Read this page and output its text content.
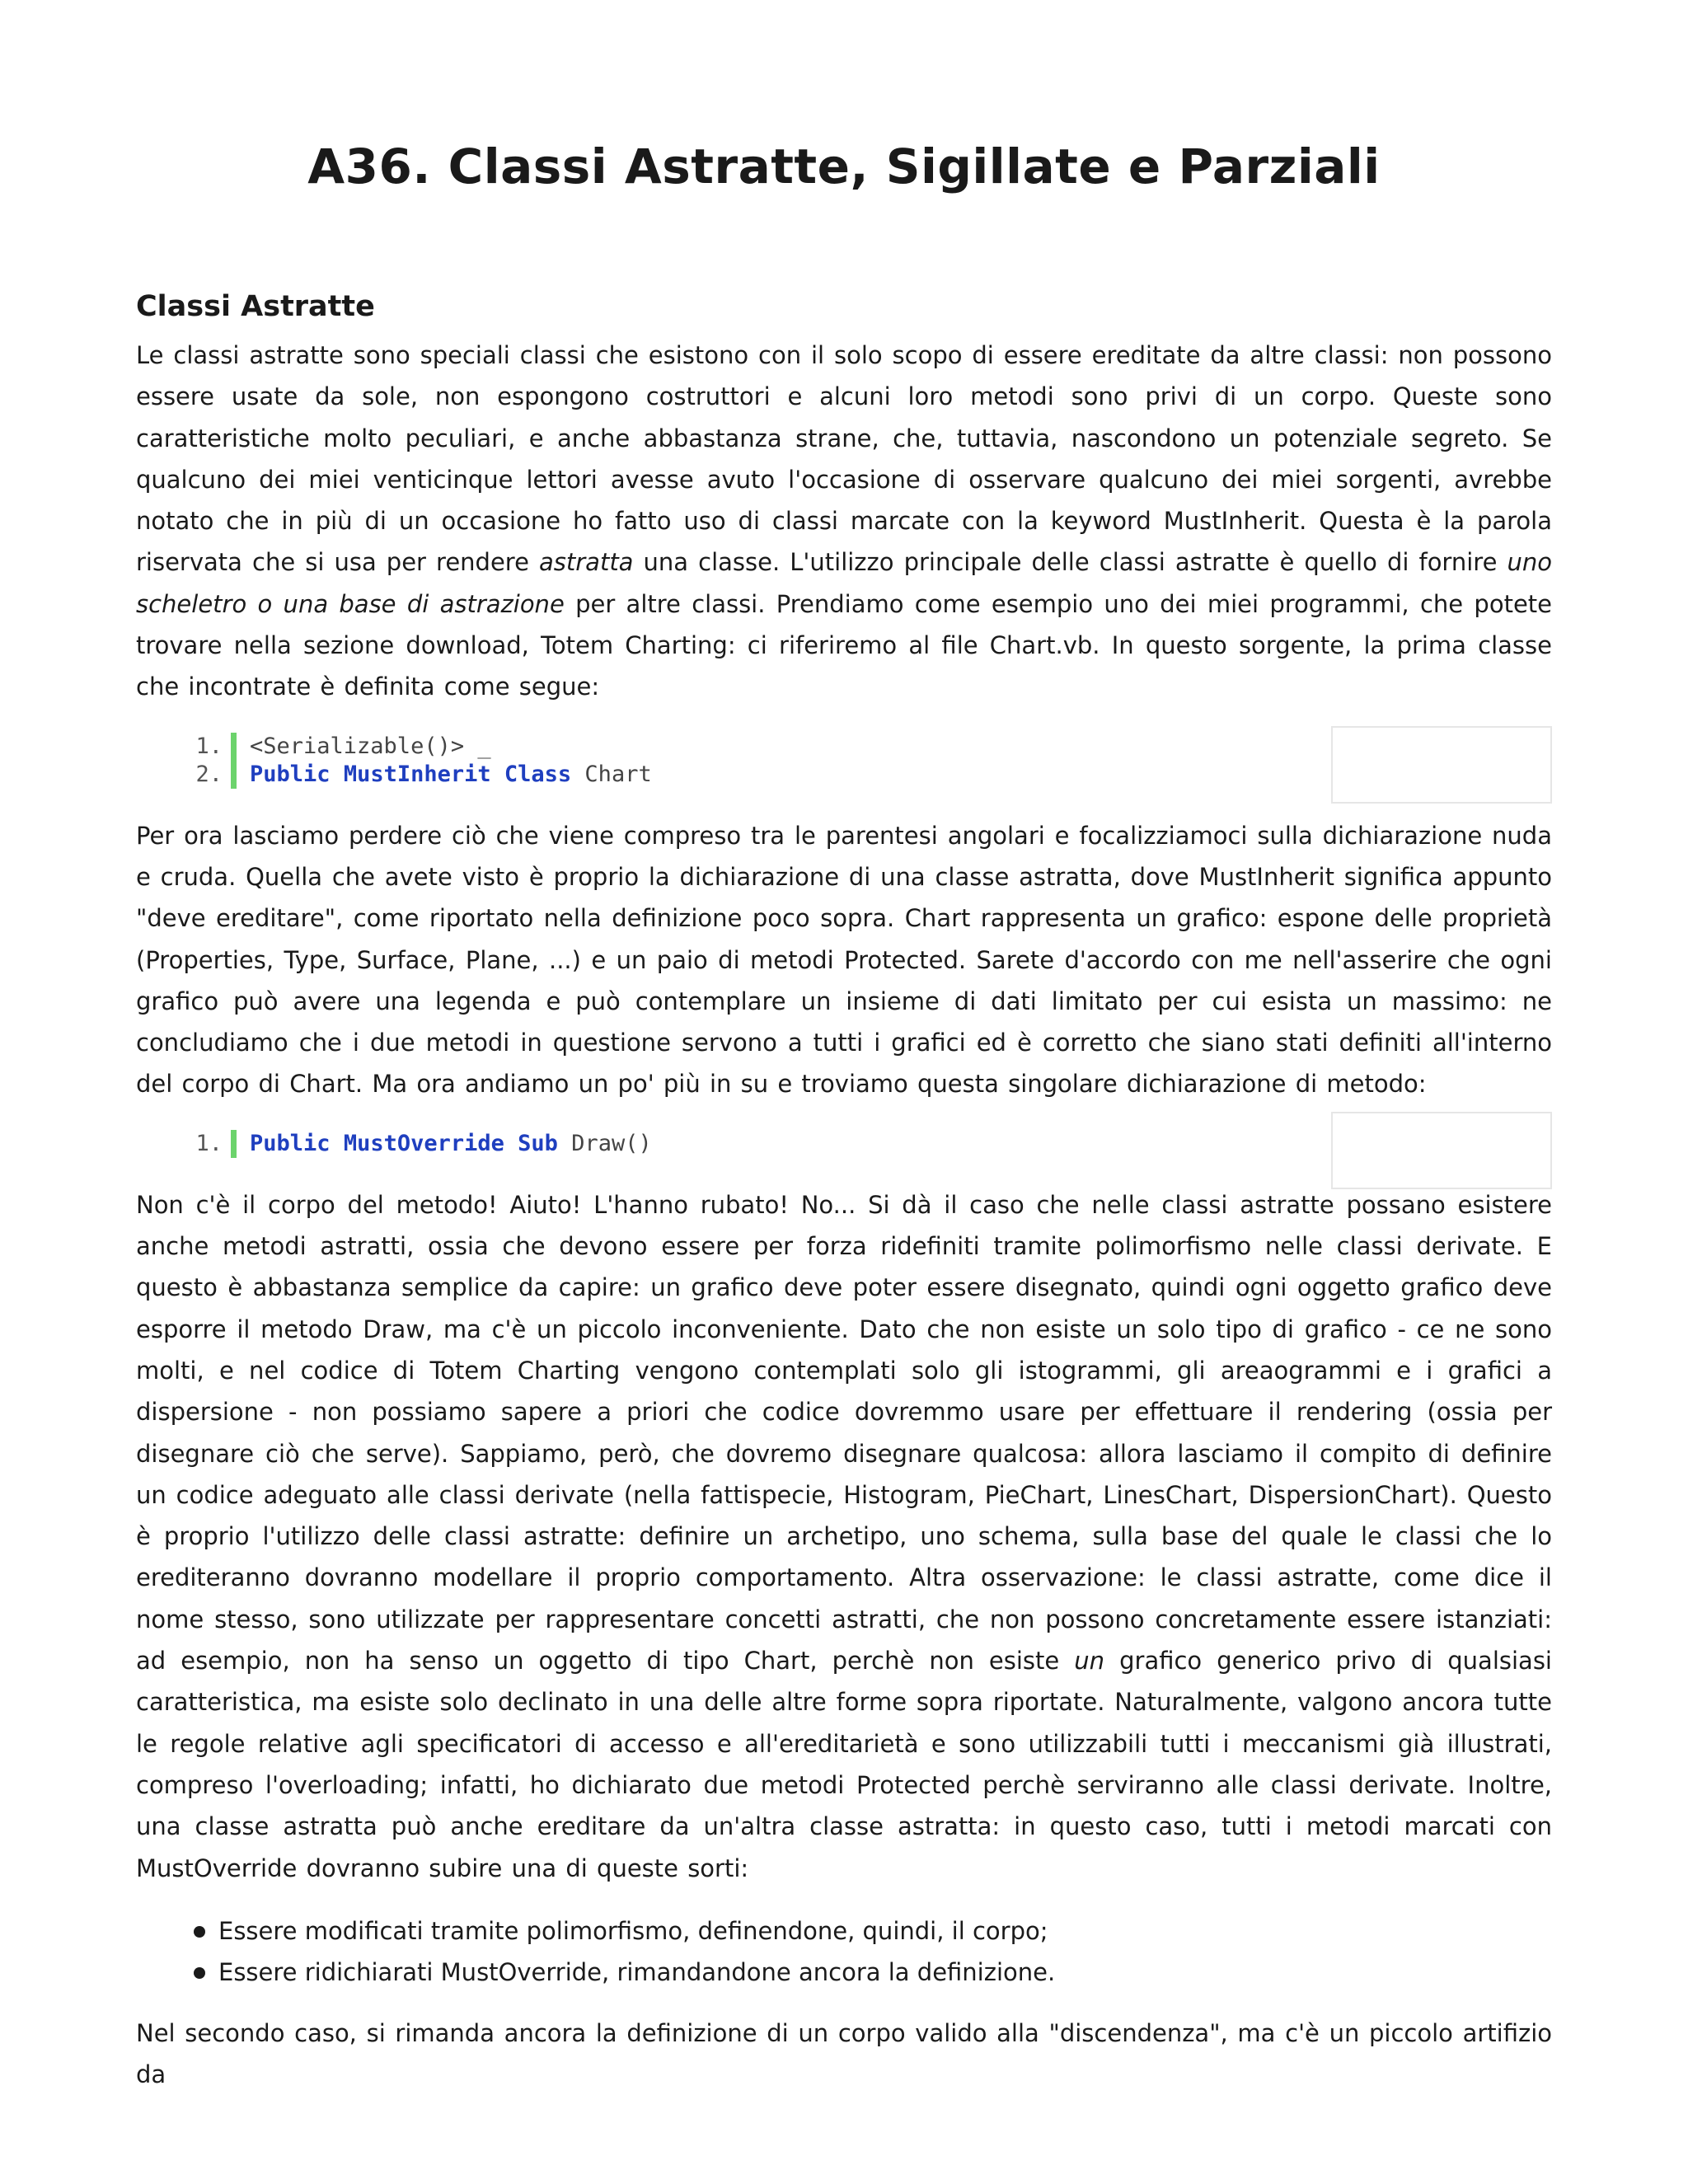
A36. Classi Astratte, Sigillate e Parziali
Classi Astratte

Le classi astratte sono speciali classi che esistono con il solo scopo di essere ereditate da altre classi: non possono essere usate da sole, non espongono costruttori e alcuni loro metodi sono privi di un corpo. Queste sono caratteristiche molto peculiari, e anche abbastanza strane, che, tuttavia, nascondono un potenziale segreto. Se qualcuno dei miei venticinque lettori avesse avuto l'occasione di osservare qualcuno dei miei sorgenti, avrebbe notato che in più di un occasione ho fatto uso di classi marcate con la keyword MustInherit. Questa è la parola riservata che si usa per rendere astratta una classe. L'utilizzo principale delle classi astratte è quello di fornire uno scheletro o una base di astrazione per altre classi. Prendiamo come esempio uno dei miei programmi, che potete trovare nella sezione download, Totem Charting: ci riferiremo al file Chart.vb. In questo sorgente, la prima classe che incontrate è definita come segue:

1. <Serializable()> _
2. Public
MustInherit
Class Chart

Per ora lasciamo perdere ciò che viene compreso tra le parentesi angolari e focalizziamoci sulla dichiarazione nuda e cruda. Quella che avete visto è proprio la dichiarazione di una classe astratta, dove MustInherit significa appunto "deve ereditare", come riportato nella definizione poco sopra. Chart rappresenta un grafico: espone delle proprietà (Properties, Type, Surface, Plane, ...) e un paio di metodi Protected. Sarete d'accordo con me nell'asserire che ogni grafico può avere una legenda e può contemplare un insieme di dati limitato per cui esista un massimo: ne concludiamo che i due metodi in questione servono a tutti i grafici ed è corretto che siano stati definiti all'interno del corpo di Chart. Ma ora andiamo un po' più in su e troviamo questa singolare dichiarazione di metodo:

1. Public
MustOverride
Sub Draw()

Non c'è il corpo del metodo! Aiuto! L'hanno rubato! No... Si dà il caso che nelle classi astratte possano esistere anche metodi astratti, ossia che devono essere per forza ridefiniti tramite polimorfismo nelle classi derivate. E questo è abbastanza semplice da capire: un grafico deve poter essere disegnato, quindi ogni oggetto grafico deve esporre il metodo Draw, ma c'è un piccolo inconveniente. Dato che non esiste un solo tipo di grafico - ce ne sono molti, e nel codice di Totem Charting vengono contemplati solo gli istogrammi, gli areaogrammi e i grafici a dispersione - non possiamo sapere a priori che codice dovremmo usare per effettuare il rendering (ossia per disegnare ciò che serve). Sappiamo, però, che dovremo disegnare qualcosa: allora lasciamo il compito di definire un codice adeguato alle classi derivate (nella fattispecie, Histogram, PieChart, LinesChart, DispersionChart). Questo è proprio l'utilizzo delle classi astratte: definire un archetipo, uno schema, sulla base del quale le classi che lo erediteranno dovranno modellare il proprio comportamento. Altra osservazione: le classi astratte, come dice il nome stesso, sono utilizzate per rappresentare concetti astratti, che non possono concretamente essere istanziati: ad esempio, non ha senso un oggetto di tipo Chart, perchè non esiste un grafico generico privo di qualsiasi caratteristica, ma esiste solo declinato in una delle altre forme sopra riportate. Naturalmente, valgono ancora tutte le regole relative agli specificatori di accesso e all'ereditarietà e sono utilizzabili tutti i meccanismi già illustrati, compreso l'overloading; infatti, ho dichiarato due metodi Protected perchè serviranno alle classi derivate. Inoltre, una classe astratta può anche ereditare da un'altra classe astratta: in questo caso, tutti i metodi marcati con MustOverride dovranno subire una di queste sorti:

Essere modificati tramite polimorfismo, definendone, quindi, il corpo;
Essere ridichiarati MustOverride, rimandandone ancora la definizione.

Nel secondo caso, si rimanda ancora la definizione di un corpo valido alla "discendenza", ma c'è un piccolo artifizio da
